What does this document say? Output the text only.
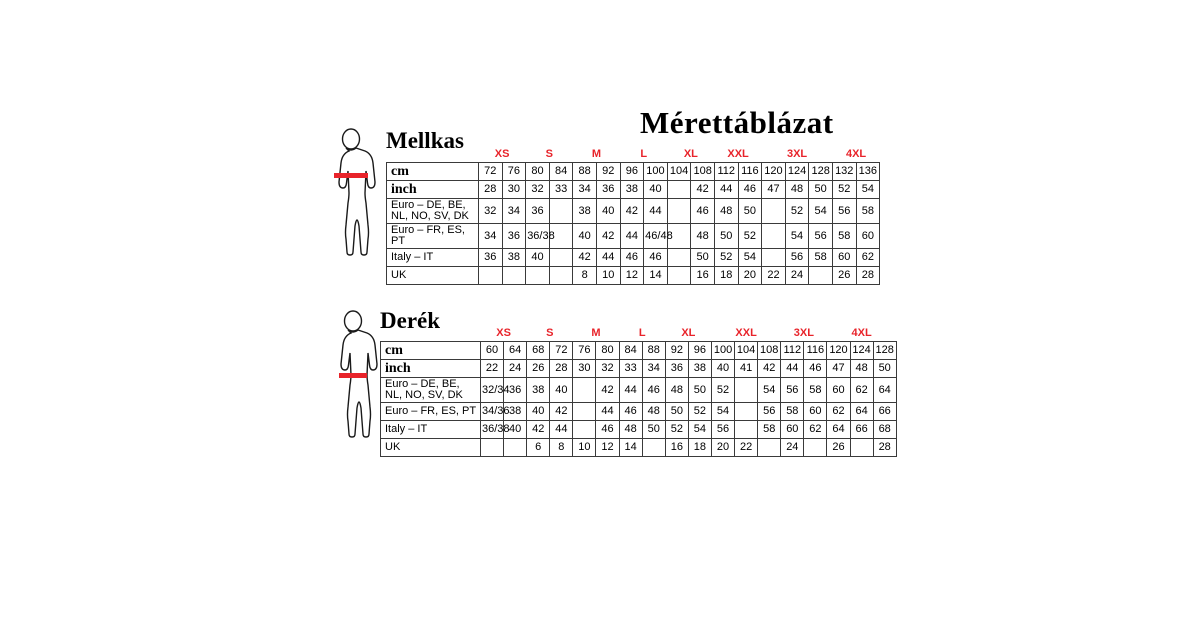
Mérettáblázat
Mellkas
	XS		S		M		L		XL		XXL		3XL			4XL	
cm	72	76	80	84	88	92	96	100	104	108	112	116	120	124	128	132	136
inch	28	30	32	33	34	36	38	40		42	44	46	47	48	50	52	54
Euro – DE, BE, NL, NO, SV, DK	32	34	36		38	40	42	44		46	48	50		52	54	56	58
Euro – FR, ES, PT	34	36	36/38		40	42	44	46/48		48	50	52		54	56	58	60
Italy – IT	36	38	40		42	44	46	46		50	52	54		56	58	60	62
UK					8	10	12	14		16	18	20	22	24		26	28
Derék
		XS		S		M		L		XL		XXL			3XL		4XL		
cm	60	64	68	72	76	80	84	88	92	96	100	104	108	112	116	120	124	128
inch	22	24	26	28	30	32	33	34	36	38	40	41	42	44	46	47	48	50
Euro – DE, BE, NL, NO, SV, DK	32/34	36	38	40		42	44	46	48	50	52		54	56	58	60	62	64
Euro – FR, ES, PT	34/36	38	40	42		44	46	48	50	52	54		56	58	60	62	64	66
Italy – IT	36/38	40	42	44		46	48	50	52	54	56		58	60	62	64	66	68
UK			6	8	10	12	14		16	18	20	22		24		26		28
